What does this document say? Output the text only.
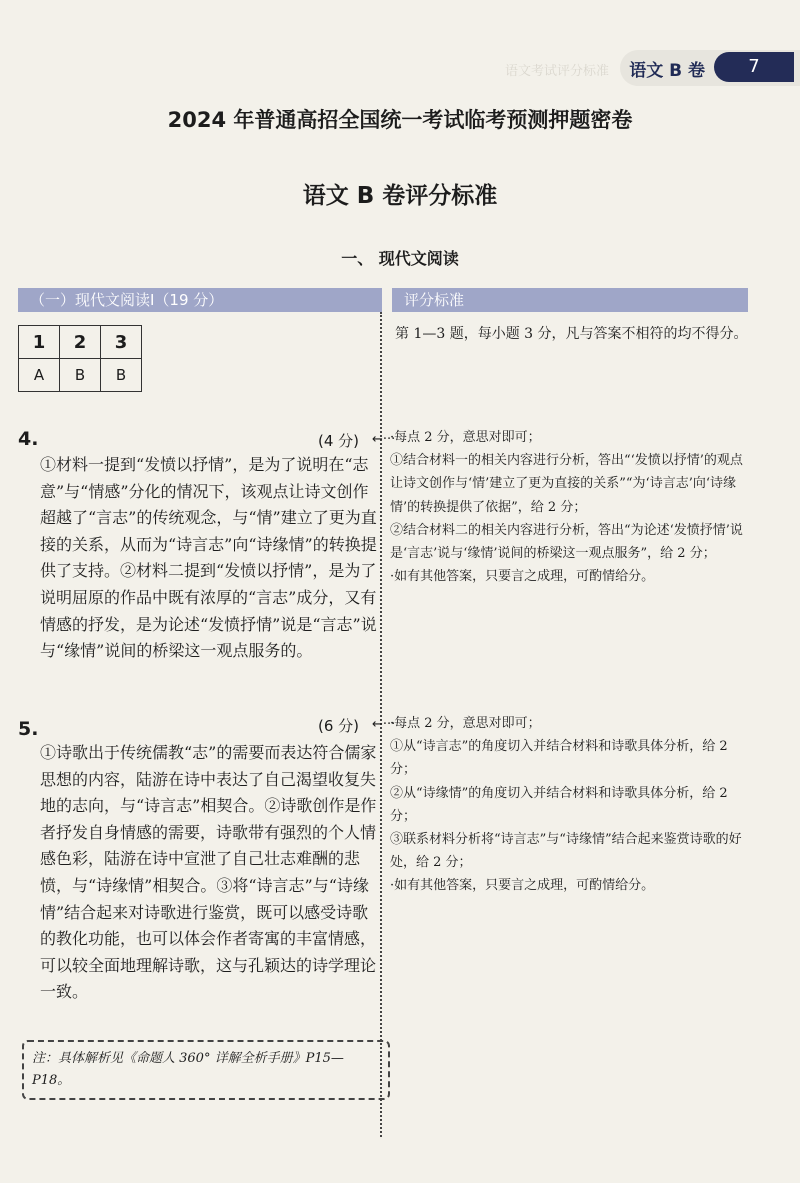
语文考试评分标准 语文 B 卷	7
2024 年普通高招全国统一考试临考预测押题密卷
语文 B 卷评分标准
一、 现代文阅读
（一）现代文阅读Ⅰ（19 分）	评分标准
1	2	3
A	B	B
第 1—3 题，每小题 3 分，凡与答案不相符的均不得分。
4.	(4 分) ←···
①材料一提到“发愤以抒情”，是为了说明在“志意”与“情感”分化的情况下，该观点让诗文创作超越了“言志”的传统观念，与“情”建立了更为直接的关系，从而为“诗言志”向“诗缘情”的转换提供了支持。②材料二提到“发愤以抒情”，是为了说明屈原的作品中既有浓厚的“言志”成分，又有情感的抒发，是为论述“发愤抒情”说是“言志”说与“缘情”说间的桥梁这一观点服务的。

·每点 2 分，意思对即可；

①结合材料一的相关内容进行分析，答出“‘发愤以抒情’的观点让诗文创作与‘情’建立了更为直接的关系”“为‘诗言志’向‘诗缘情’的转换提供了依据”，给 2 分；

②结合材料二的相关内容进行分析，答出“为论述‘发愤抒情’说是‘言志’说与‘缘情’说间的桥梁这一观点服务”，给 2 分；

·如有其他答案，只要言之成理，可酌情给分。

5.	(6 分) ←···
①诗歌出于传统儒教“志”的需要而表达符合儒家思想的内容，陆游在诗中表达了自己渴望收复失地的志向，与“诗言志”相契合。②诗歌创作是作者抒发自身情感的需要，诗歌带有强烈的个人情感色彩，陆游在诗中宣泄了自己壮志难酬的悲愤，与“诗缘情”相契合。③将“诗言志”与“诗缘情”结合起来对诗歌进行鉴赏，既可以感受诗歌的教化功能，也可以体会作者寄寓的丰富情感，可以较全面地理解诗歌，这与孔颖达的诗学理论一致。

·每点 2 分，意思对即可；

①从“诗言志”的角度切入并结合材料和诗歌具体分析，给 2 分；

②从“诗缘情”的角度切入并结合材料和诗歌具体分析，给 2 分；

③联系材料分析将“诗言志”与“诗缘情”结合起来鉴赏诗歌的好处，给 2 分；

·如有其他答案，只要言之成理，可酌情给分。

注：具体解析见《命题人 360° 详解全析手册》P15—P18。
